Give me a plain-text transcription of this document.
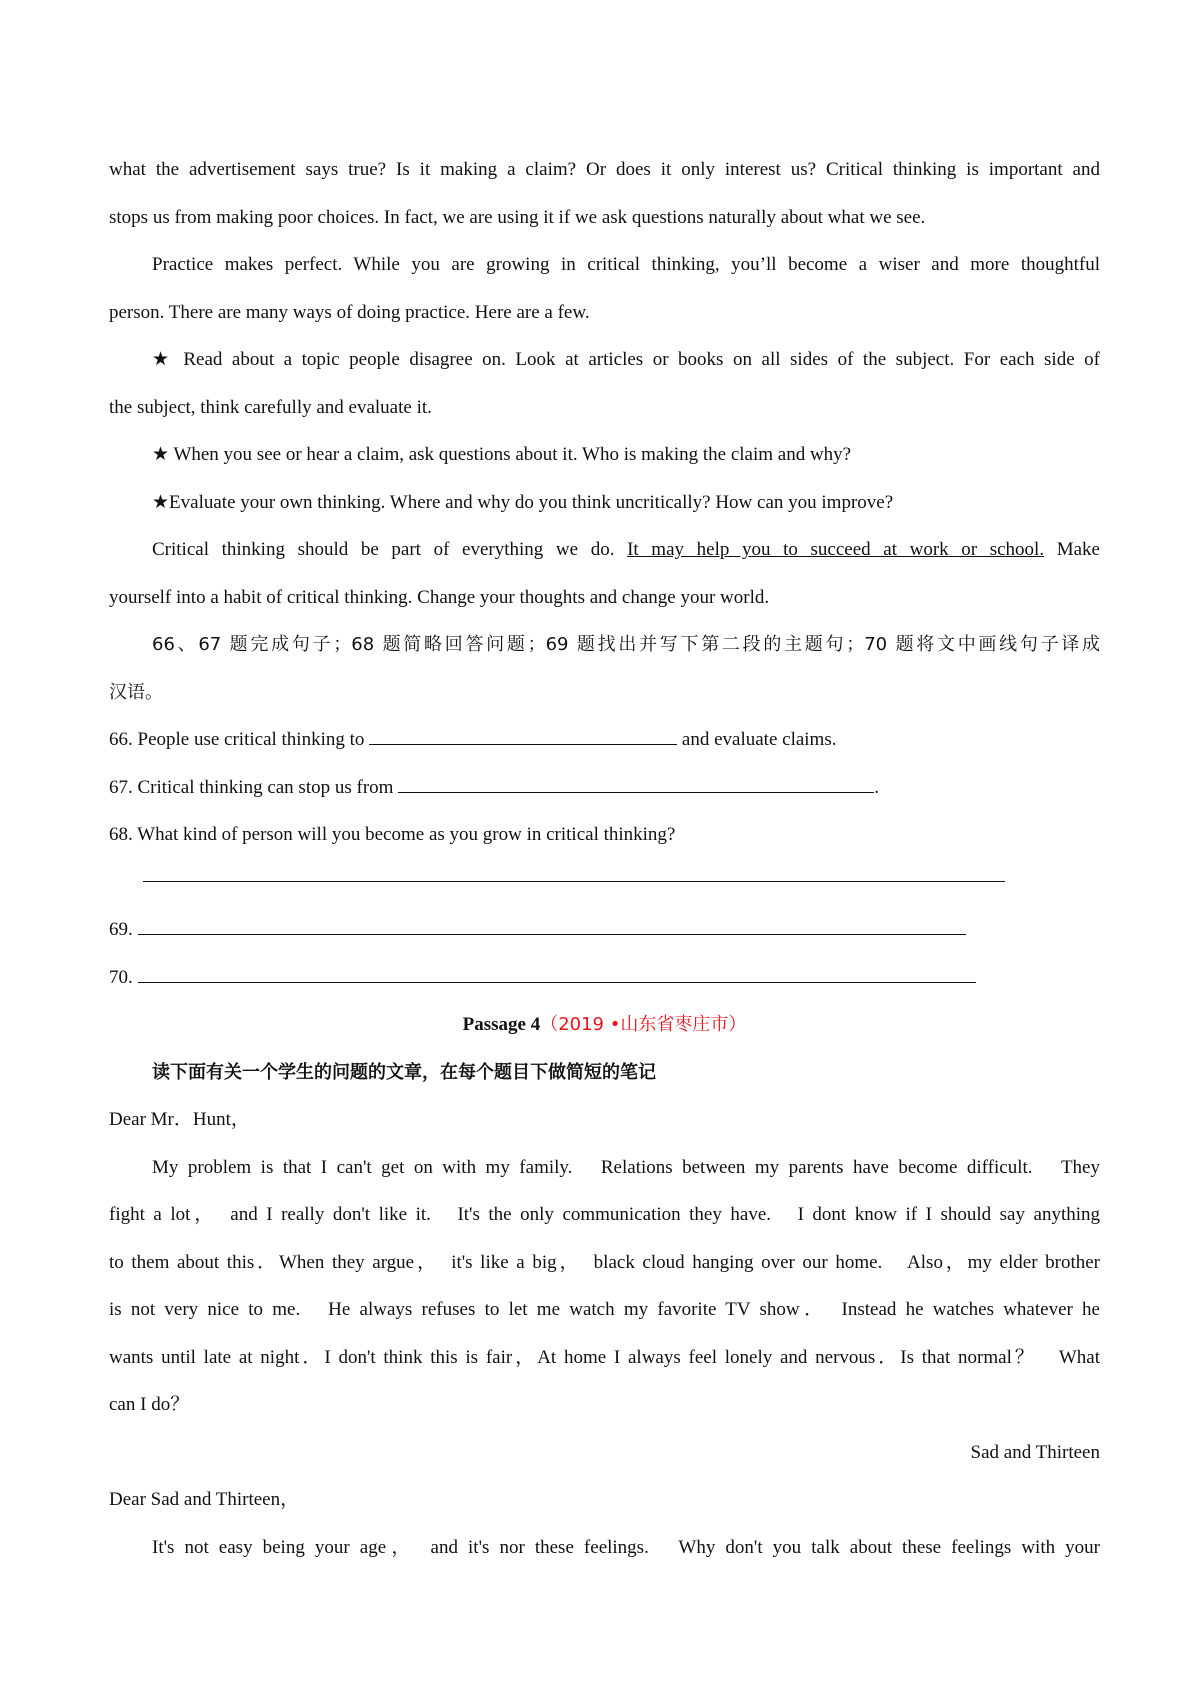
what the advertisement says true? Is it making a claim? Or does it only interest us? Critical thinking is important and
stops us from making poor choices. In fact, we are using it if we ask questions naturally about what we see.
Practice makes perfect. While you are growing in critical thinking, you’ll become a wiser and more thoughtful
person. There are many ways of doing practice. Here are a few.
★ Read about a topic people disagree on. Look at articles or books on all sides of the subject. For each side of
the subject, think carefully and evaluate it.
★ When you see or hear a claim, ask questions about it. Who is making the claim and why?
★Evaluate your own thinking. Where and why do you think uncritically? How can you improve?
Critical thinking should be part of everything we do. It may help you to succeed at work or school. Make
yourself into a habit of critical thinking. Change your thoughts and change your world.
66、67 题完成句子；68 题简略回答问题；69 题找出并写下第二段的主题句；70 题将文中画线句子译成
汉语。
66. People use critical thinking to	and evaluate claims.
67. Critical thinking can stop us from	.
68. What kind of person will you become as you grow in critical thinking?
69.
70.
Passage 4（2019 •山东省枣庄市）
读下面有关一个学生的问题的文章，在每个题目下做简短的笔记
Dear Mr．Hunt，
My problem is that I can't get on with my family.　Relations between my parents have become difficult.　They
fight a lot，　and I really don't like it.　It's the only communication they have.　I dont know if I should say anything
to them about this．When they argue，　it's like a big，　black cloud hanging over our home.　Also，my elder brother
is not very nice to me.　He always refuses to let me watch my favorite TV show．　Instead he watches whatever he
wants until late at night．I don't think this is fair，At home I always feel lonely and nervous．Is that normal？　What
can I do？
Sad and Thirteen
Dear Sad and Thirteen，
It's not easy being your age，　and it's nor these feelings.　Why don't you talk about these feelings with your
